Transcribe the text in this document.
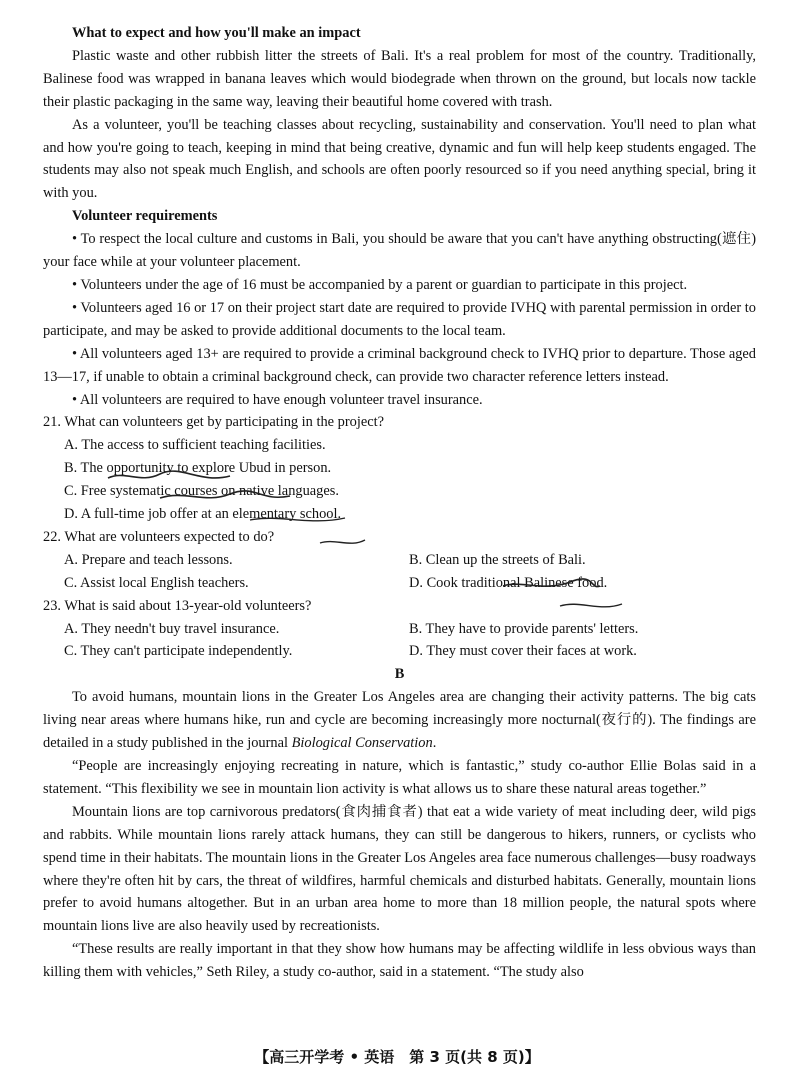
What to expect and how you'll make an impact

Plastic waste and other rubbish litter the streets of Bali. It's a real problem for most of the country. Traditionally, Balinese food was wrapped in banana leaves which would biodegrade when thrown on the ground, but locals now tackle their plastic packaging in the same way, leaving their beautiful home covered with trash.

As a volunteer, you'll be teaching classes about recycling, sustainability and conservation. You'll need to plan what and how you're going to teach, keeping in mind that being creative, dynamic and fun will help keep students engaged. The students may also not speak much English, and schools are often poorly resourced so if you need anything special, bring it with you.

Volunteer requirements

• To respect the local culture and customs in Bali, you should be aware that you can't have anything obstructing(遮住) your face while at your volunteer placement.

• Volunteers under the age of 16 must be accompanied by a parent or guardian to participate in this project.

• Volunteers aged 16 or 17 on their project start date are required to provide IVHQ with parental permission in order to participate, and may be asked to provide additional documents to the local team.

• All volunteers aged 13+ are required to provide a criminal background check to IVHQ prior to departure. Those aged 13—17, if unable to obtain a criminal background check, can provide two character reference letters instead.

• All volunteers are required to have enough volunteer travel insurance.

21. What can volunteers get by participating in the project?

A. The access to sufficient teaching facilities.

B. The opportunity to explore Ubud in person.

C. Free systematic courses on native languages.

D. A full-time job offer at an elementary school.

22. What are volunteers expected to do?

A. Prepare and teach lessons.	B. Clean up the streets of Bali.
C. Assist local English teachers.	D. Cook traditional Balinese food.

23. What is said about 13-year-old volunteers?

A. They needn't buy travel insurance.	B. They have to provide parents' letters.
C. They can't participate independently.	D. They must cover their faces at work.

B

To avoid humans, mountain lions in the Greater Los Angeles area are changing their activity patterns. The big cats living near areas where humans hike, run and cycle are becoming increasingly more nocturnal(夜行的). The findings are detailed in a study published in the journal Biological Conservation.

“People are increasingly enjoying recreating in nature, which is fantastic,” study co-author Ellie Bolas said in a statement. “This flexibility we see in mountain lion activity is what allows us to share these natural areas together.”

Mountain lions are top carnivorous predators(食肉捕食者) that eat a wide variety of meat including deer, wild pigs and rabbits. While mountain lions rarely attack humans, they can still be dangerous to hikers, runners, or cyclists who spend time in their habitats. The mountain lions in the Greater Los Angeles area face numerous challenges—busy roadways where they're often hit by cars, the threat of wildfires, harmful chemicals and disturbed habitats. Generally, mountain lions prefer to avoid humans altogether. But in an urban area home to more than 18 million people, the natural spots where mountain lions live are also heavily used by recreationists.

“These results are really important in that they show how humans may be affecting wildlife in less obvious ways than killing them with vehicles,” Seth Riley, a study co-author, said in a statement. “The study also

【高三开学考 • 英语　第 3 页(共 8 页)】
